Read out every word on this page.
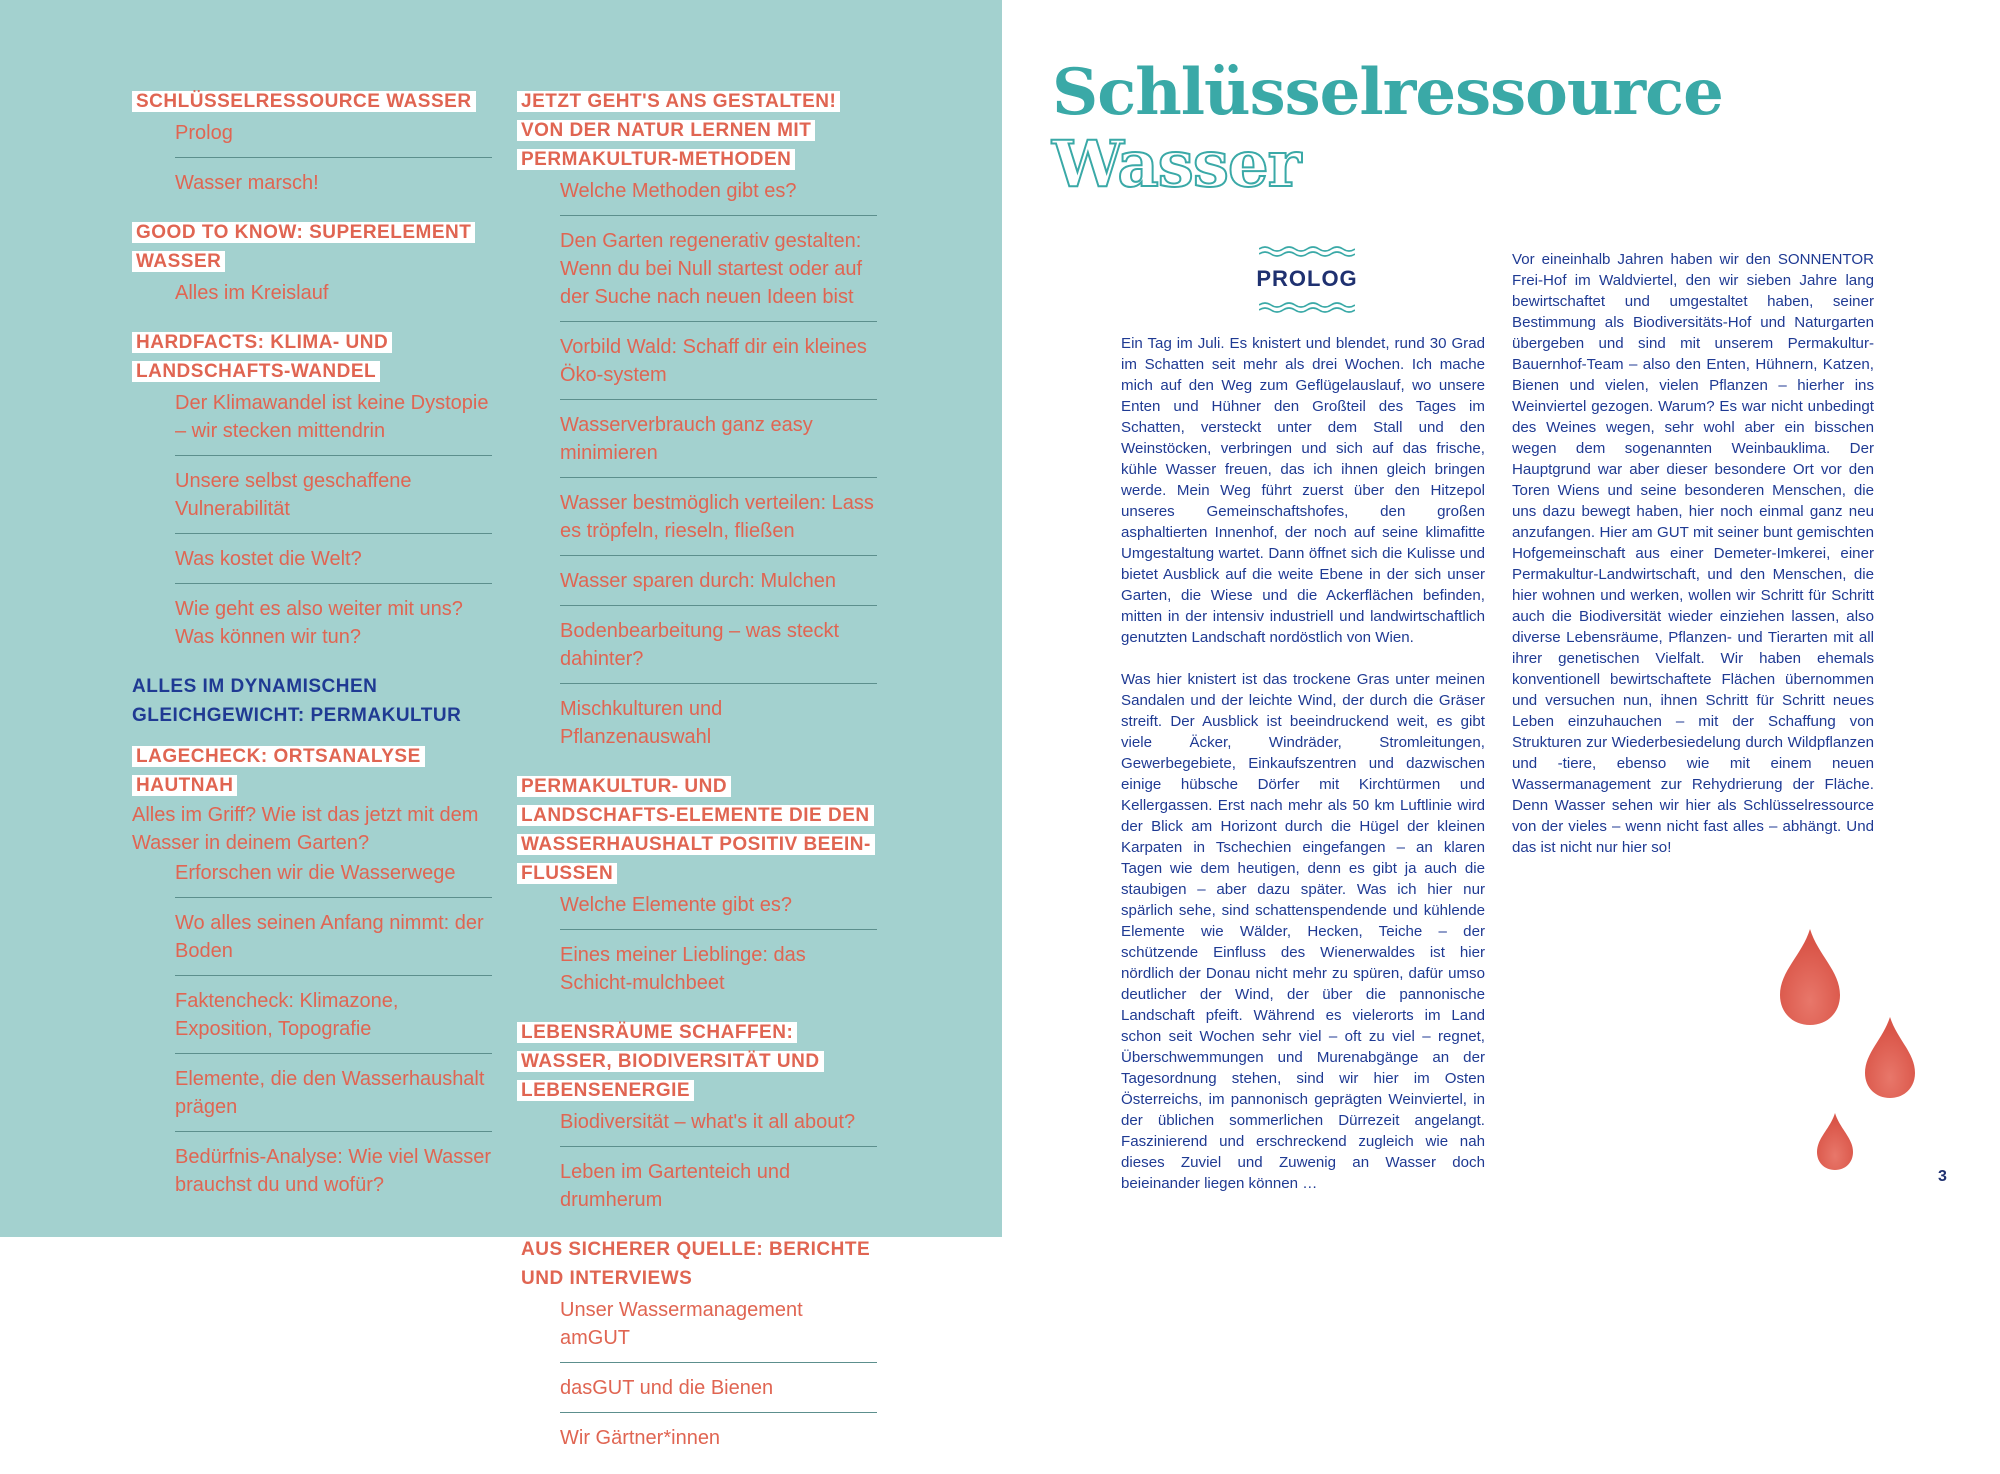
SCHLÜSSELRESSOURCE WASSER
Prolog
Wasser marsch!
GOOD TO KNOW: SUPERELEMENT WASSER
Alles im Kreislauf
HARDFACTS: KLIMA- UND LANDSCHAFTS-WANDEL
Der Klimawandel ist keine Dystopie – wir stecken mittendrin
Unsere selbst geschaffene Vulnerabilität
Was kostet die Welt?
Wie geht es also weiter mit uns? Was können wir tun?
ALLES IM DYNAMISCHEN GLEICHGEWICHT: PERMAKULTUR
LAGECHECK: ORTSANALYSE HAUTNAH
Alles im Griff? Wie ist das jetzt mit dem Wasser in deinem Garten?
Erforschen wir die Wasserwege
Wo alles seinen Anfang nimmt: der Boden
Faktencheck: Klimazone, Exposition, Topografie
Elemente, die den Wasserhaushalt prägen
Bedürfnis-Analyse: Wie viel Wasser brauchst du und wofür?
JETZT GEHT'S ANS GESTALTEN! VON DER NATUR LERNEN MIT PERMAKULTUR-METHODEN
Welche Methoden gibt es?
Den Garten regenerativ gestalten: Wenn du bei Null startest oder auf der Suche nach neuen Ideen bist
Vorbild Wald: Schaff dir ein kleines Öko-system
Wasserverbrauch ganz easy minimieren
Wasser bestmöglich verteilen: Lass es tröpfeln, rieseln, fließen
Wasser sparen durch: Mulchen
Bodenbearbeitung – was steckt dahinter?
Mischkulturen und Pflanzenauswahl
PERMAKULTUR- UND LANDSCHAFTS-ELEMENTE DIE DEN WASSERHAUSHALT POSITIV BEEIN-FLUSSEN
Welche Elemente gibt es?
Eines meiner Lieblinge: das Schicht-mulchbeet
LEBENSRÄUME SCHAFFEN: WASSER, BIODIVERSITÄT UND LEBENSENERGIE
Biodiversität – what's it all about?
Leben im Gartenteich und drumherum
AUS SICHERER QUELLE: BERICHTE UND INTERVIEWS
Unser Wassermanagement amGUT
dasGUT und die Bienen
Wir Gärtner*innen
Schlüsselressource
Wasser
PROLOG

Ein Tag im Juli. Es knistert und blendet, rund 30 Grad im Schatten seit mehr als drei Wochen. Ich mache mich auf den Weg zum Geflügelauslauf, wo unsere Enten und Hühner den Großteil des Tages im Schatten, versteckt unter dem Stall und den Weinstöcken, verbringen und sich auf das frische, kühle Wasser freuen, das ich ihnen gleich bringen werde. Mein Weg führt zuerst über den Hitzepol unseres Gemeinschaftshofes, den großen asphaltierten Innenhof, der noch auf seine klimafitte Umgestaltung wartet. Dann öffnet sich die Kulisse und bietet Ausblick auf die weite Ebene in der sich unser Garten, die Wiese und die Ackerflächen befinden, mitten in der intensiv industriell und landwirtschaftlich genutzten Landschaft nordöstlich von Wien.

Was hier knistert ist das trockene Gras unter meinen Sandalen und der leichte Wind, der durch die Gräser streift. Der Ausblick ist beeindruckend weit, es gibt viele Äcker, Windräder, Stromleitungen, Gewerbegebiete, Einkaufszentren und dazwischen einige hübsche Dörfer mit Kirchtürmen und Kellergassen. Erst nach mehr als 50 km Luftlinie wird der Blick am Horizont durch die Hügel der kleinen Karpaten in Tschechien eingefangen – an klaren Tagen wie dem heutigen, denn es gibt ja auch die staubigen – aber dazu später. Was ich hier nur spärlich sehe, sind schattenspendende und kühlende Elemente wie Wälder, Hecken, Teiche – der schützende Einfluss des Wienerwaldes ist hier nördlich der Donau nicht mehr zu spüren, dafür umso deutlicher der Wind, der über die pannonische Landschaft pfeift. Während es vielerorts im Land schon seit Wochen sehr viel – oft zu viel – regnet, Überschwemmungen und Murenabgänge an der Tagesordnung stehen, sind wir hier im Osten Österreichs, im pannonisch geprägten Weinviertel, in der üblichen sommerlichen Dürrezeit angelangt. Faszinierend und erschreckend zugleich wie nah dieses Zuviel und Zuwenig an Wasser doch beieinander liegen können …

Vor eineinhalb Jahren haben wir den SONNENTOR Frei-Hof im Waldviertel, den wir sieben Jahre lang bewirtschaftet und umgestaltet haben, seiner Bestimmung als Biodiversitäts-Hof und Naturgarten übergeben und sind mit unserem Permakultur-Bauernhof-Team – also den Enten, Hühnern, Katzen, Bienen und vielen, vielen Pflanzen – hierher ins Weinviertel gezogen. Warum? Es war nicht unbedingt des Weines wegen, sehr wohl aber ein bisschen wegen dem sogenannten Weinbauklima. Der Hauptgrund war aber dieser besondere Ort vor den Toren Wiens und seine besonderen Menschen, die uns dazu bewegt haben, hier noch einmal ganz neu anzufangen. Hier am GUT mit seiner bunt gemischten Hofgemeinschaft aus einer Demeter-Imkerei, einer Permakultur-Landwirtschaft, und den Menschen, die hier wohnen und werken, wollen wir Schritt für Schritt auch die Biodiversität wieder einziehen lassen, also diverse Lebensräume, Pflanzen- und Tierarten mit all ihrer genetischen Vielfalt. Wir haben ehemals konventionell bewirtschaftete Flächen übernommen und versuchen nun, ihnen Schritt für Schritt neues Leben einzuhauchen – mit der Schaffung von Strukturen zur Wiederbesiedelung durch Wildpflanzen und -tiere, ebenso wie mit einem neuen Wassermanagement zur Rehydrierung der Fläche. Denn Wasser sehen wir hier als Schlüsselressource von der vieles – wenn nicht fast alles – abhängt. Und das ist nicht nur hier so!

3
